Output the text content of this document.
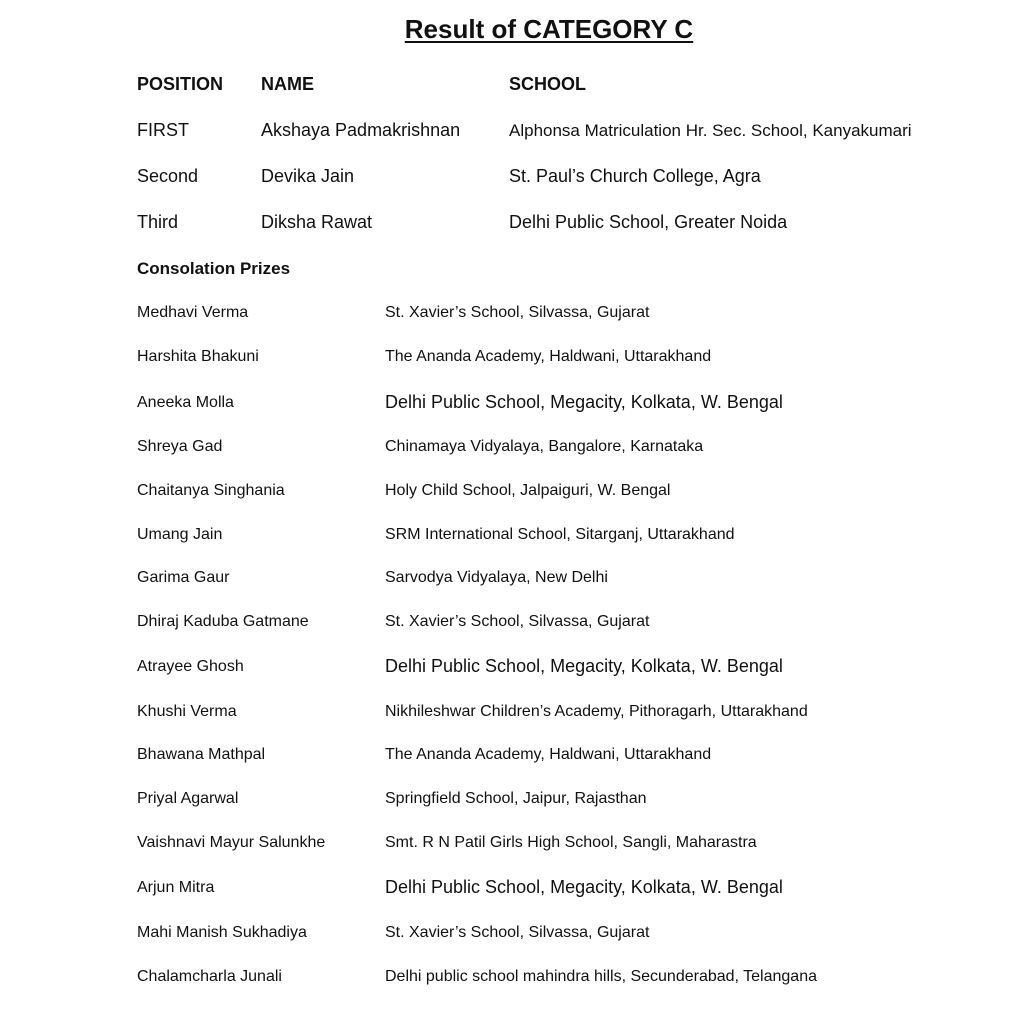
Result of CATEGORY C
POSITION NAME	SCHOOL
FIRST	Akshaya Padmakrishnan	Alphonsa Matriculation Hr. Sec. School, Kanyakumari
Second	Devika Jain	St. Paul’s Church College, Agra
Third	Diksha Rawat	Delhi Public School, Greater Noida
Consolation Prizes
Medhavi Verma	St. Xavier’s School, Silvassa, Gujarat
Harshita Bhakuni	The Ananda Academy, Haldwani, Uttarakhand
Aneeka Molla	Delhi Public School, Megacity, Kolkata, W. Bengal
Shreya Gad	Chinamaya Vidyalaya, Bangalore, Karnataka
Chaitanya Singhania	Holy Child School, Jalpaiguri, W. Bengal
Umang Jain	SRM International School, Sitarganj, Uttarakhand
Garima Gaur	Sarvodya Vidyalaya, New Delhi
Dhiraj Kaduba Gatmane	St. Xavier’s School, Silvassa, Gujarat
Atrayee Ghosh	Delhi Public School, Megacity, Kolkata, W. Bengal
Khushi Verma	Nikhileshwar Children’s Academy, Pithoragarh, Uttarakhand
Bhawana Mathpal	The Ananda Academy, Haldwani, Uttarakhand
Priyal Agarwal	Springfield School, Jaipur, Rajasthan
Vaishnavi Mayur Salunkhe	Smt. R N Patil Girls High School, Sangli, Maharastra
Arjun Mitra	Delhi Public School, Megacity, Kolkata, W. Bengal
Mahi Manish Sukhadiya	St. Xavier’s School, Silvassa, Gujarat
Chalamcharla Junali	Delhi public school mahindra hills, Secunderabad, Telangana
